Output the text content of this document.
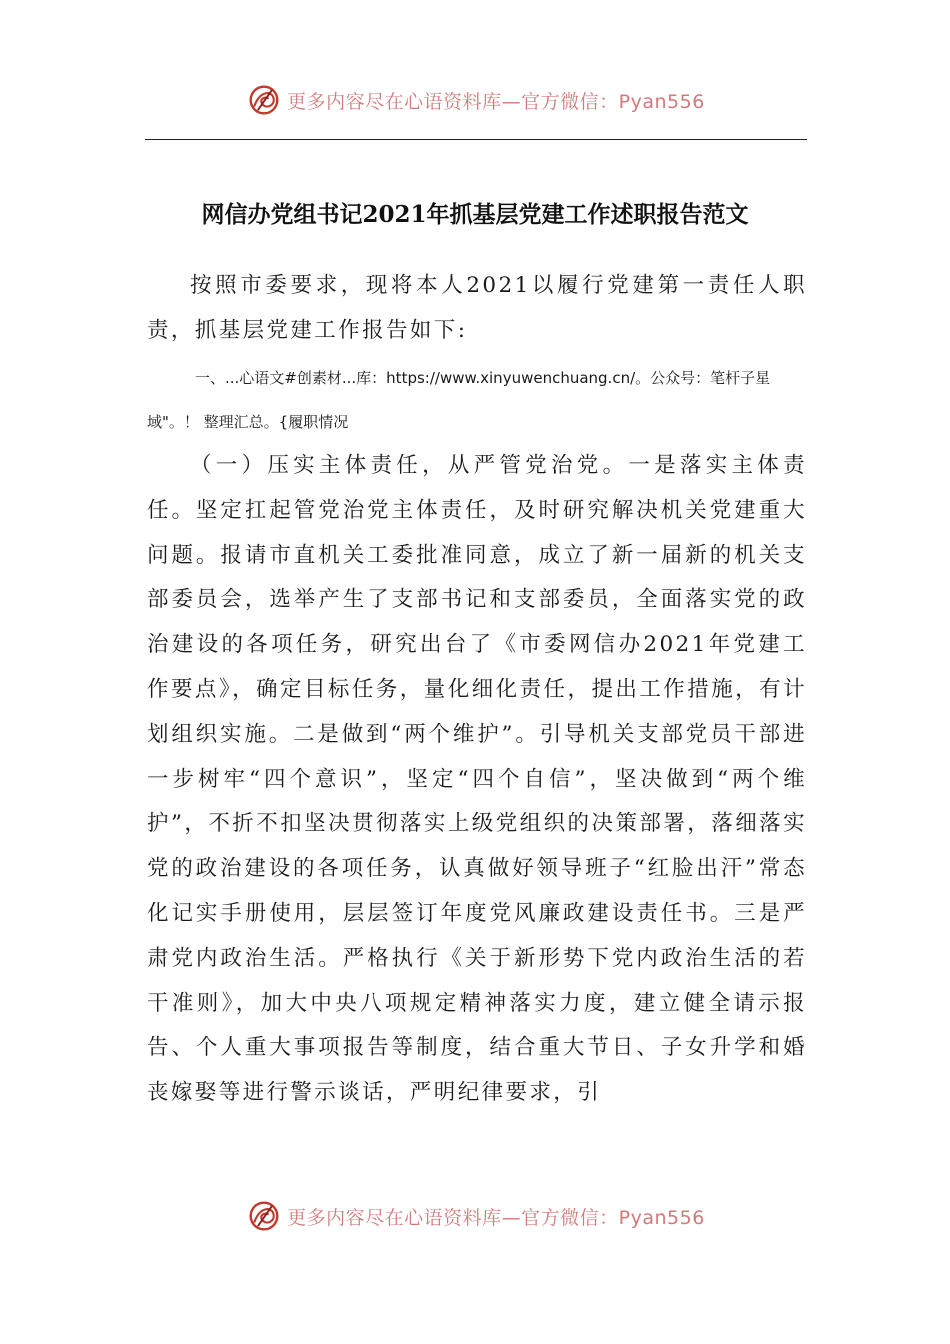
更多内容尽在心语资料库—官方微信：Pyan556
网信办党组书记2021年抓基层党建工作述职报告范文

按照市委要求，现将本人2021以履行党建第一责任人职责，抓基层党建工作报告如下:

一、...心语文#创素材...库：https://www.xinyuwenchuang.cn/。公众号：笔杆子星域"。！ 整理汇总。{履职情况

（一）压实主体责任，从严管党治党。一是落实主体责任。坚定扛起管党治党主体责任，及时研究解决机关党建重大问题。报请市直机关工委批准同意，成立了新一届新的机关支部委员会，选举产生了支部书记和支部委员，全面落实党的政治建设的各项任务，研究出台了《市委网信办2021年党建工作要点》，确定目标任务，量化细化责任，提出工作措施，有计划组织实施。二是做到“两个维护”。引导机关支部党员干部进一步树牢“四个意识”，坚定“四个自信”，坚决做到“两个维护”，不折不扣坚决贯彻落实上级党组织的决策部署，落细落实党的政治建设的各项任务，认真做好领导班子“红脸出汗”常态化记实手册使用，层层签订年度党风廉政建设责任书。三是严肃党内政治生活。严格执行《关于新形势下党内政治生活的若干准则》，加大中央八项规定精神落实力度，建立健全请示报告、个人重大事项报告等制度，结合重大节日、子女升学和婚丧嫁娶等进行警示谈话，严明纪律要求，引

更多内容尽在心语资料库—官方微信：Pyan556
